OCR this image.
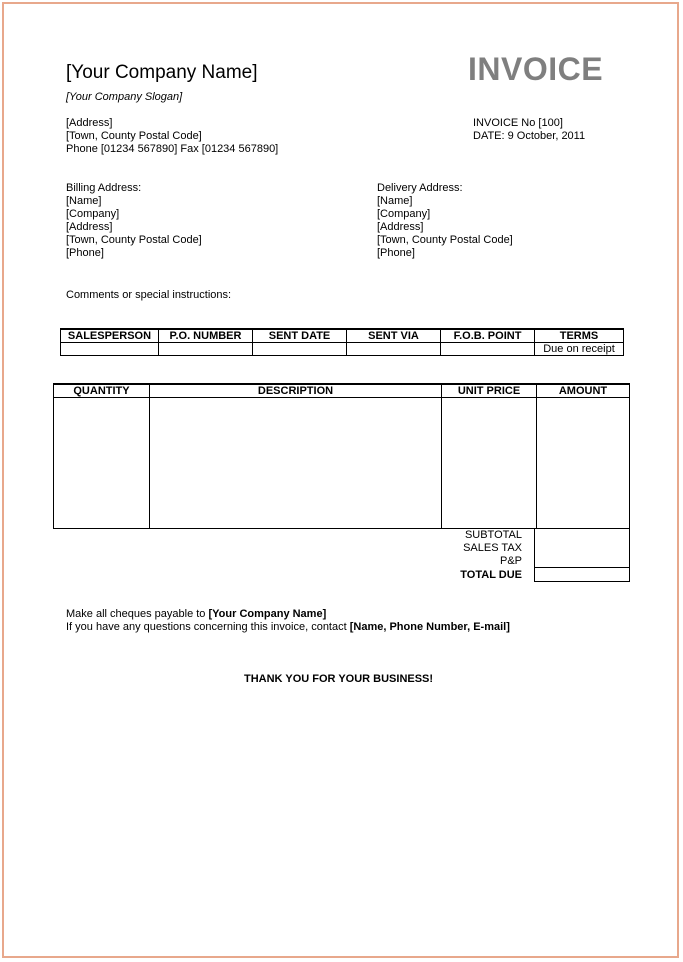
[Your Company Name]
[Your Company Slogan]
INVOICE
[Address]
[Town, County Postal Code]
Phone [01234 567890] Fax [01234 567890]
INVOICE No [100]
DATE: 9 October, 2011
Billing Address:
[Name]
[Company]
[Address]
[Town, County Postal Code]
[Phone]
Delivery Address:
[Name]
[Company]
[Address]
[Town, County Postal Code]
[Phone]
Comments or special instructions:
SALESPERSON	P.O. NUMBER	SENT DATE	SENT VIA	F.O.B. POINT	TERMS
					Due on receipt
QUANTITY	DESCRIPTION	UNIT PRICE	AMOUNT

SUBTOTAL
SALES TAX
P&P
TOTAL DUE
Make all cheques payable to [Your Company Name]
If you have any questions concerning this invoice, contact [Name, Phone Number, E-mail]
THANK YOU FOR YOUR BUSINESS!
